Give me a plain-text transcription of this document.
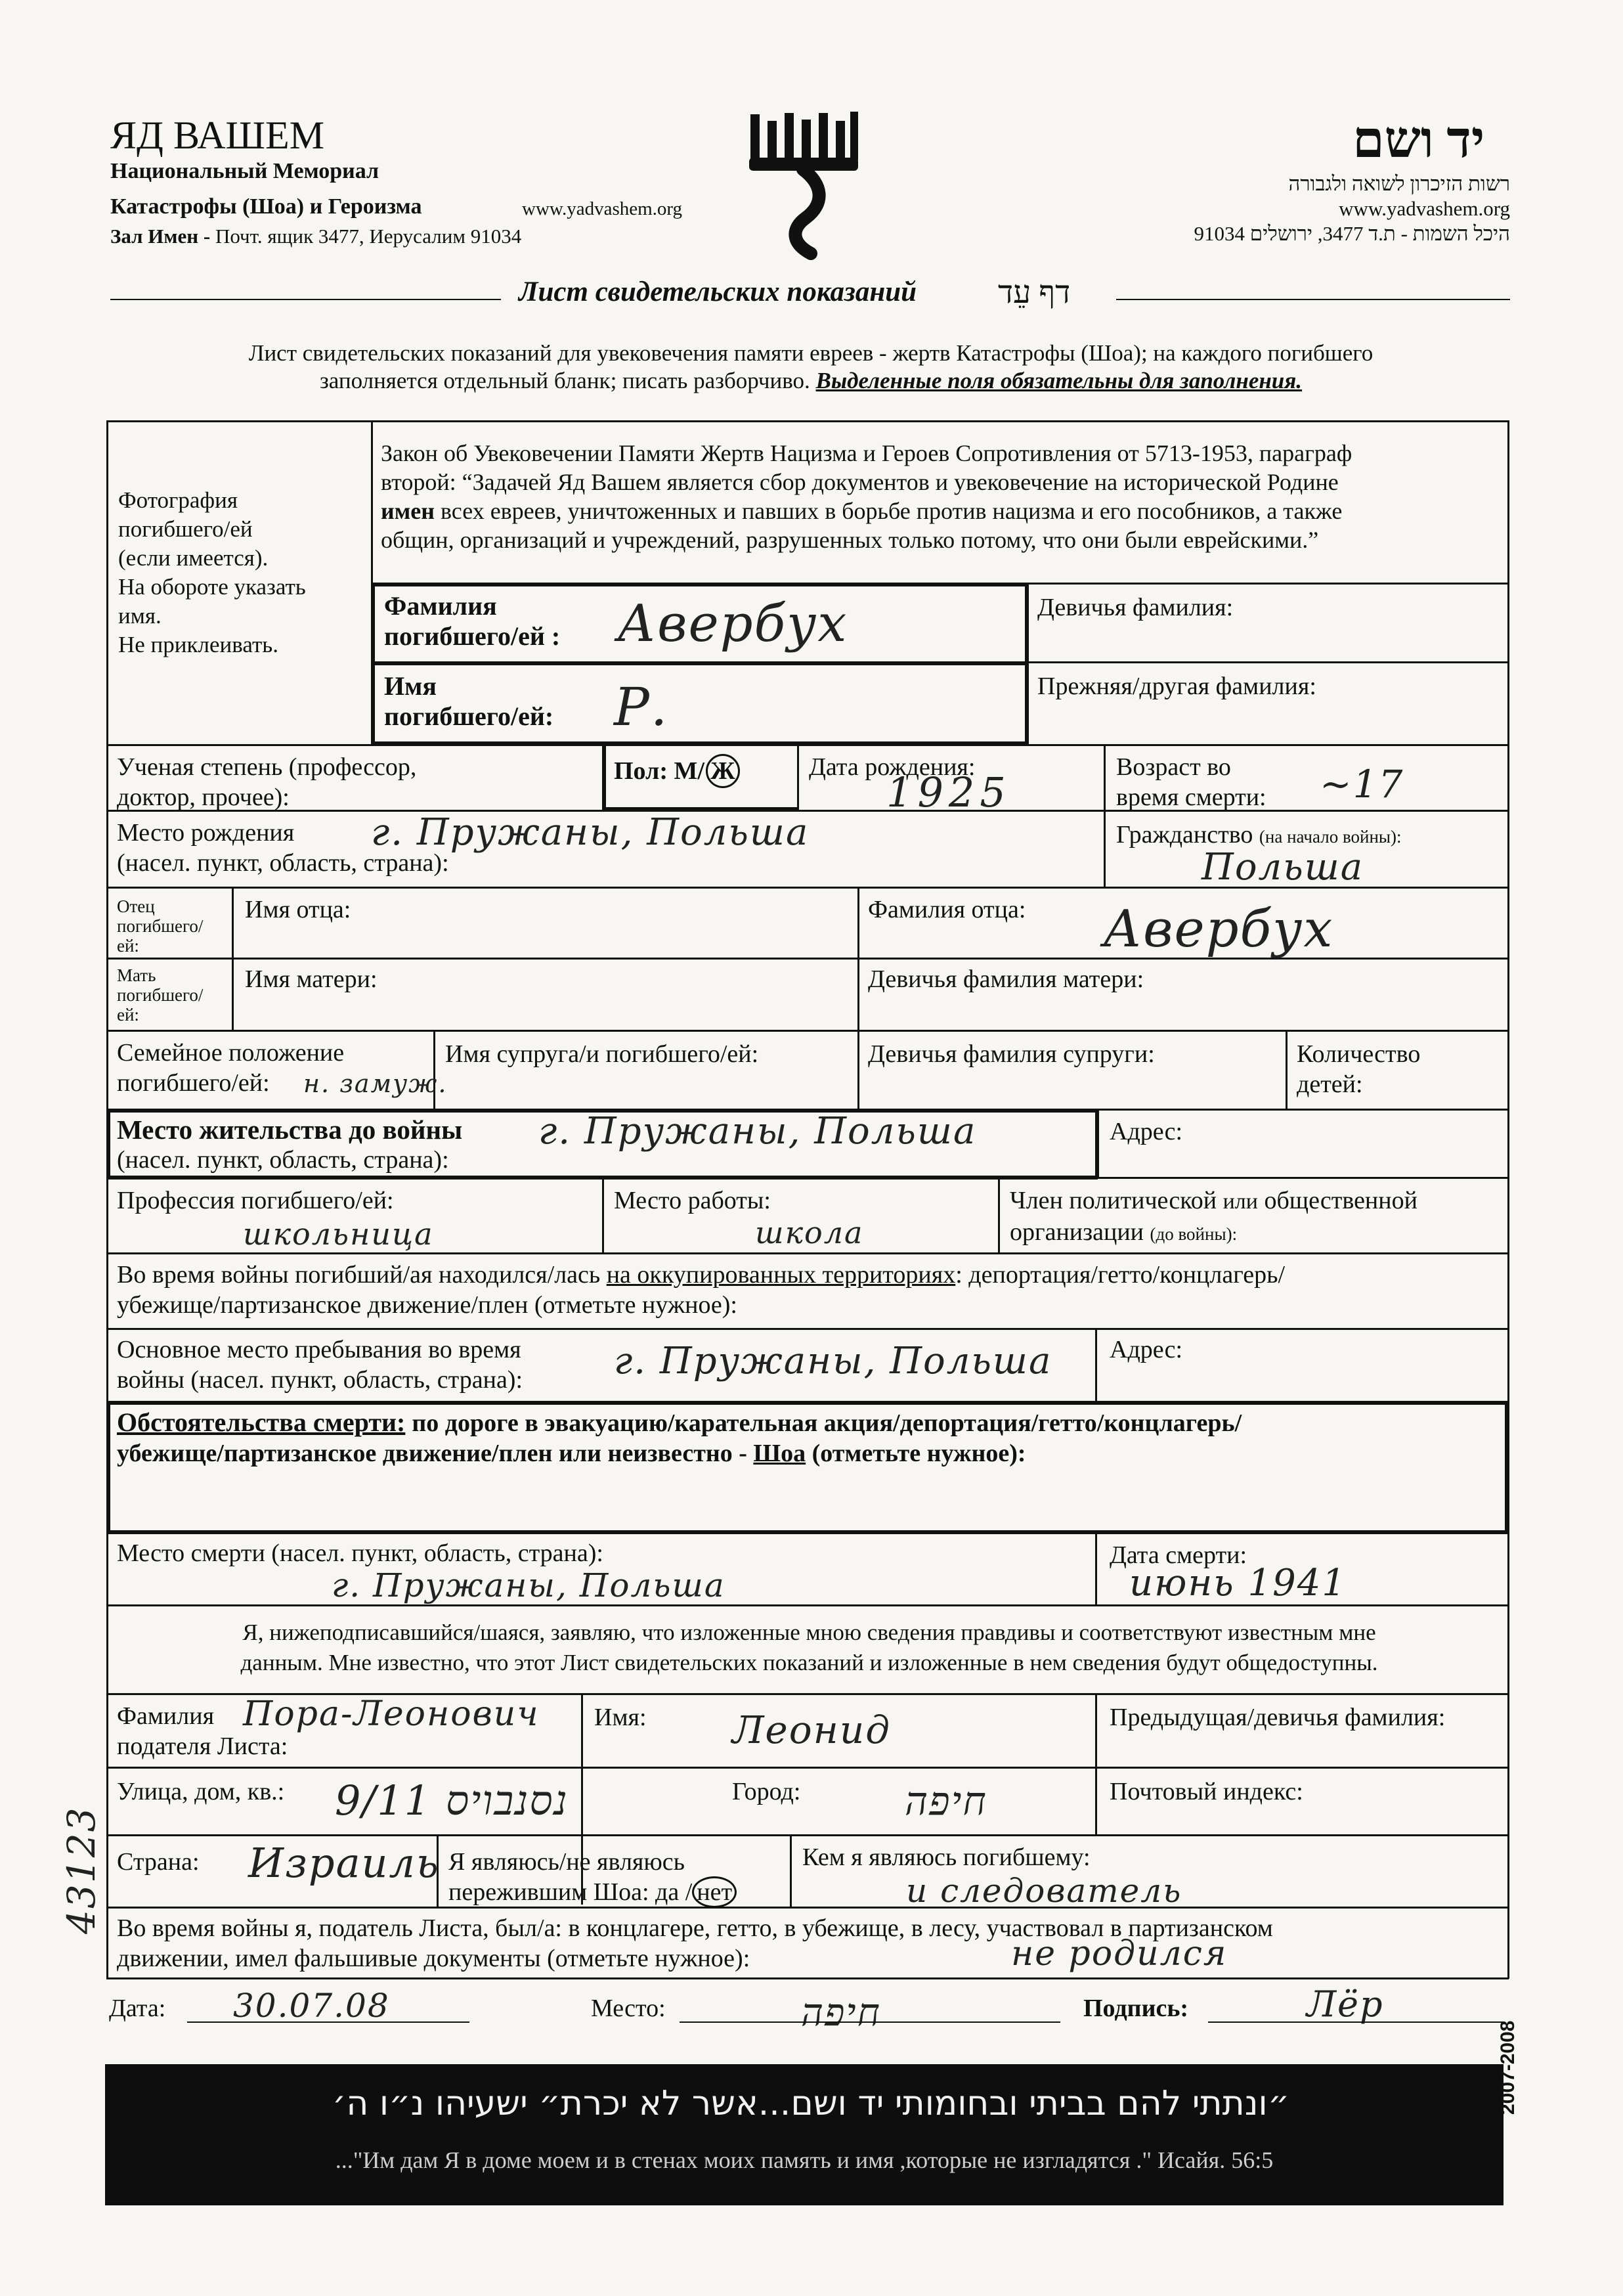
ЯД ВАШЕМ
Национальный Мемориал
Катастрофы (Шоа) и Героизма	www.yadvashem.org
Зал Имен - Почт. ящик 3477, Иерусалим 91034
יד ושם
רשות הזיכרון לשואה ולגבורה
www.yadvashem.org
היכל השמות - ת.ד 3477, ירושלים 91034
Лист свидетельских показаний	דף עֵד
Лист свидетельских показаний для увековечения памяти евреев - жертв Катастрофы (Шоа); на каждого погибшего
заполняется отдельный бланк; писать разборчиво. Выделенные поля обязательны для заполнения.
Фотография
погибшего/ей
(если имеется).
На обороте указать
имя.
Не приклеивать.
Закон об Увековечении Памяти Жертв Нацизма и Героев Сопротивления от 5713-1953, параграф
второй: “Задачей Яд Вашем является сбор документов и увековечение на исторической Родине
имен всех евреев, уничтоженных и павших в борьбе против нацизма и его пособников, а также
общин, организаций и учреждений, разрушенных только потому, что они были еврейскими.”
Фамилия
погибшего/ей : Авербух	Девичья фамилия:
Имя
погибшего/ей: Р.	Прежняя/другая фамилия:
Ученая степень (профессор,
доктор, прочее):
Пол: М/ Ж	Дата рождения:
1925
Возраст во
время смерти: ~17
Место рождения
(насел. пункт, область, страна):
г. Пружаны, Польша	Гражданство (на начало войны):
Польша
Отец
погибшего/
ей:
Имя отца:	Фамилия отца: Авербух
Мать
погибшего/
ей:
Имя матери:	Девичья фамилия матери:
Семейное положение
погибшего/ей:	н. замуж.
Имя супруга/и погибшего/ей:	Девичья фамилия супруги:	Количество
детей:
Место жительства до войны
(насел. пункт, область, страна):
г. Пружаны, Польша	Адрес:
Профессия погибшего/ей:
школьница
Место работы:
школа
Член политической или общественной
организации (до войны):
Во время войны погибший/ая находился/лась на оккупированных территориях: депортация/гетто/концлагерь/
убежище/партизанское движение/плен (отметьте нужное):
Основное место пребывания во время
войны (насел. пункт, область, страна): г. Пружаны, Польша Адрес:
Обстоятельства смерти: по дороге в эвакуацию/карательная акция/депортация/гетто/концлагерь/
убежище/партизанское движение/плен или неизвестно - Шоа (отметьте нужное):
Место смерти (насел. пункт, область, страна):
г. Пружаны, Польша
Дата смерти:
июнь 1941
Я, нижеподписавшийся/шаяся, заявляю, что изложенные мною сведения правдивы и соответствуют известным мне
данным. Мне известно, что этот Лист свидетельских показаний и изложенные в нем сведения будут общедоступны.
Фамилия
подателя Листа:
Пора-Леонович Имя: Леонид	Предыдущая/девичья фамилия:
Улица, дом, кв.: 9/11 נסנבויס	Город:	חיפה	Почтовый индекс:
Страна: Израиль Я являюсь/не являюсь
пережившим Шоа: да / нет
Кем я являюсь погибшему:
и следователь
Во время войны я, податель Листа, был/а: в концлагере, гетто, в убежище, в лесу, участвовал в партизанском
движении, имел фальшивые документы (отметьте нужное):	не родился
Дата: 30.07.08	Место:	חיפה	Подпись:	Лёр
״ונתתי להם בביתי ובחומותי יד ושם...אשר לא יכרת״ ישעיהו נ״ו ה׳
..."Им дам Я в доме моем и в стенах моих память и имя ,которые не изгладятся ." Исайя. 56:5
2007-2008
43123
